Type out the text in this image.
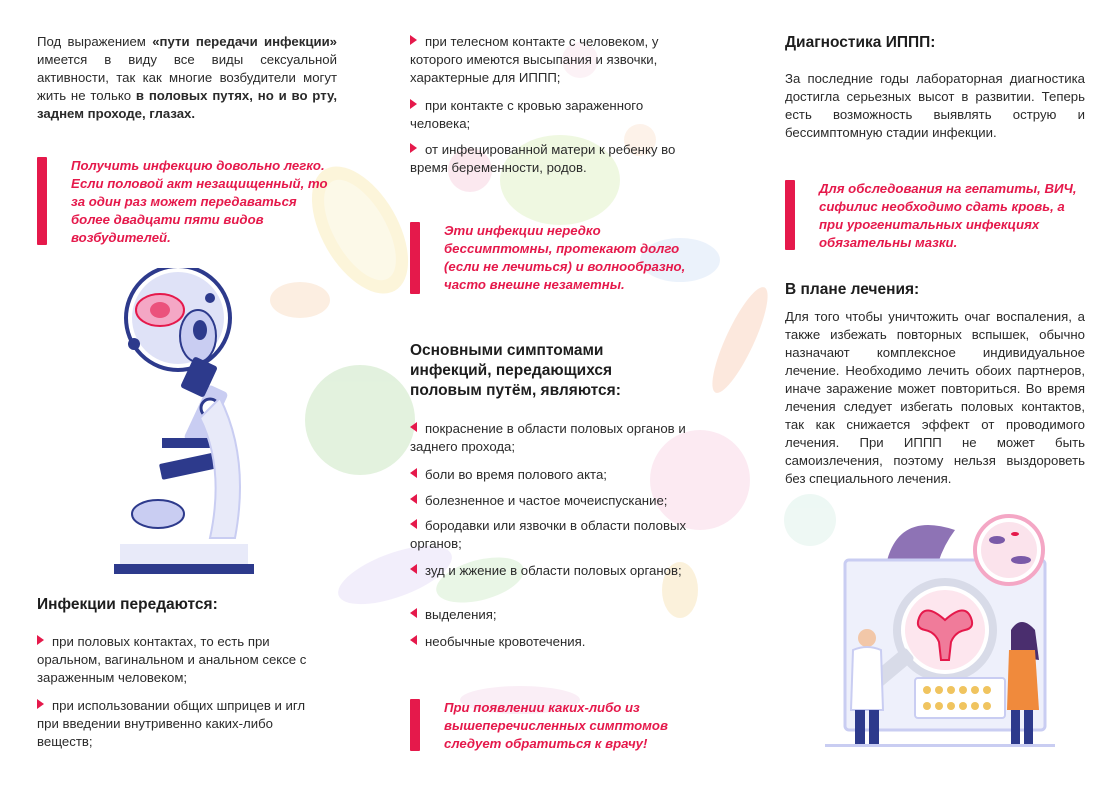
Под выражением «пути передачи инфекции» имеется в виду все виды сексуальной активности, так как многие возбудители могут жить не только в половых путях, но и во рту, заднем проходе, глазах.
Получить инфекцию довольно легко. Если половой акт незащищенный, то за один раз может передаваться более двадцати пяти видов возбудителей.
Инфекции передаются:
при половых контактах, то есть при оральном, вагинальном и анальном сексе с зараженным человеком;
при использовании общих шприцев и игл при введении внутривенно каких-либо веществ;
при телесном контакте с человеком, у которого имеются высыпания и язвочки, характерные для ИППП;
при контакте с кровью зараженного человека;
от инфецированной матери к ребенку во время беременности, родов.
Эти инфекции нередко бессимптомны, протекают долго (если не лечиться) и волнообразно, часто внешне незаметны.
Основными симптомами инфекций, передающихся половым путём, являются:
покраснение в области половых органов и заднего прохода;
боли во время полового акта;
болезненное и частое мочеиспускание;
бородавки или язвочки в области половых органов;
зуд и жжение в области половых органов;
выделения;
необычные кровотечения.
При появлении каких-либо из вышеперечисленных симптомов следует обратиться к врачу!
Диагностика ИППП:
За последние годы лабораторная диагностика достигла серьезных высот в развитии. Теперь есть возможность выявлять острую и бессимптомную стадии инфекции.
Для обследования на гепатиты, ВИЧ, сифилис необходимо сдать кровь, а при урогенитальных инфекциях обязательны мазки.
В плане лечения:
Для того чтобы уничтожить очаг воспаления, а также избежать повторных вспышек, обычно назначают комплексное индивидуальное лечение. Необходимо лечить обоих партнеров, иначе заражение может повториться. Во время лечения следует избегать половых контактов, так как снижается эффект от проводимого лечения. При ИППП не может быть самоизлечения, поэтому нельзя выздороветь без специального лечения.
